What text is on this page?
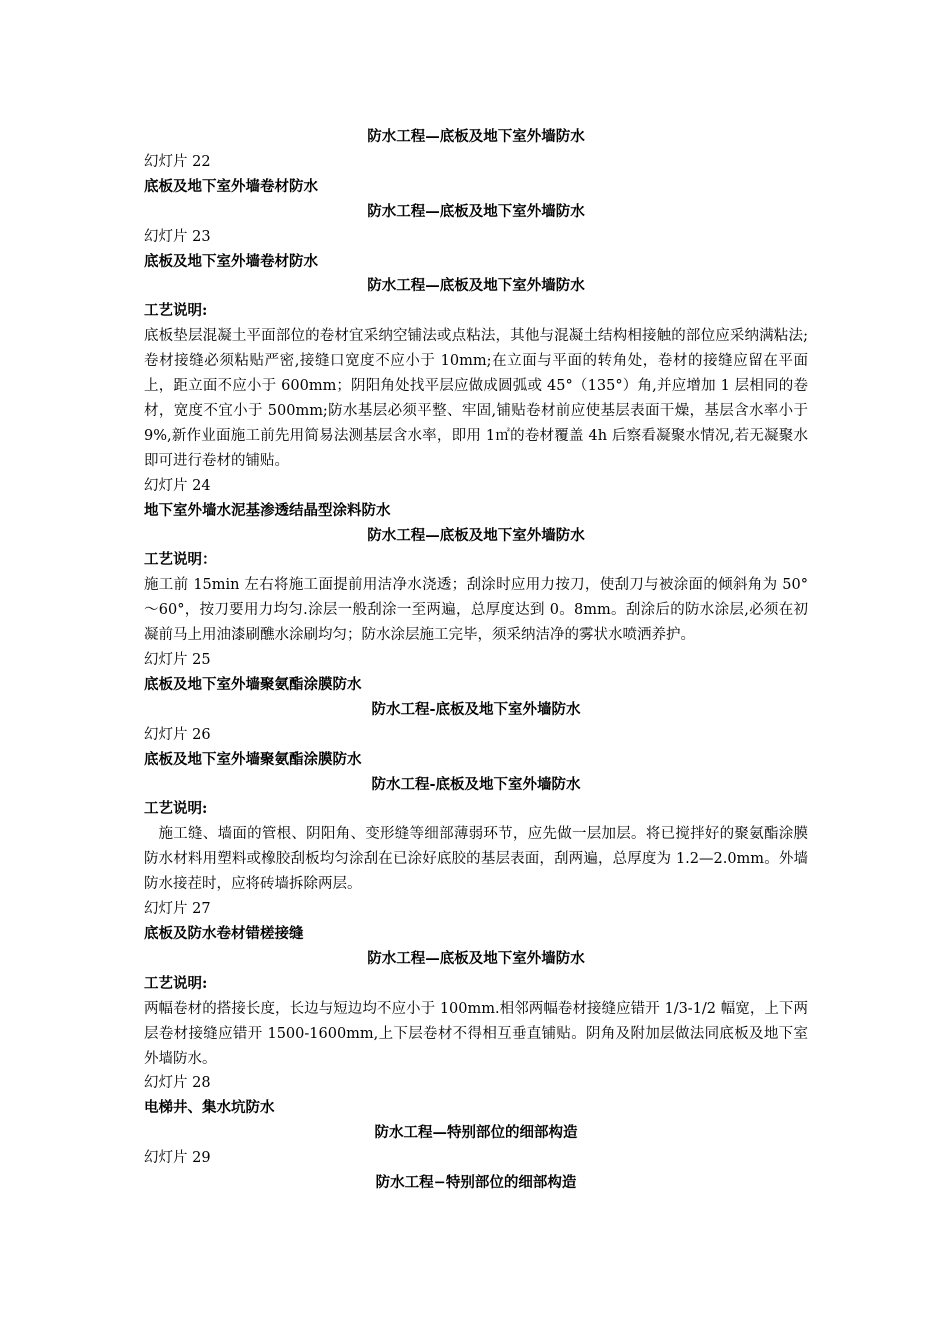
防水工程—底板及地下室外墙防水
幻灯片 22
底板及地下室外墙卷材防水
防水工程—底板及地下室外墙防水
幻灯片 23
底板及地下室外墙卷材防水
防水工程—底板及地下室外墙防水
工艺说明:
底板垫层混凝土平面部位的卷材宜采纳空铺法或点粘法，其他与混凝土结构相接触的部位应采纳满粘法;卷材接缝必须粘贴严密,接缝口宽度不应小于 10mm;在立面与平面的转角处，卷材的接缝应留在平面上，距立面不应小于 600mm；阴阳角处找平层应做成圆弧或 45°（135°）角,并应增加 1 层相同的卷材，宽度不宜小于 500mm;防水基层必须平整、牢固,铺贴卷材前应使基层表面干燥，基层含水率小于 9%,新作业面施工前先用简易法测基层含水率，即用 1㎡的卷材覆盖 4h 后察看凝聚水情况,若无凝聚水即可进行卷材的铺贴。
幻灯片 24
地下室外墙水泥基渗透结晶型涂料防水
防水工程—底板及地下室外墙防水
工艺说明：
施工前 15min 左右将施工面提前用洁净水浇透；刮涂时应用力按刀，使刮刀与被涂面的倾斜角为 50°～60°，按刀要用力均匀.涂层一般刮涂一至两遍，总厚度达到 0。8mm。刮涂后的防水涂层,必须在初凝前马上用油漆刷醮水涂刷均匀；防水涂层施工完毕，须采纳洁净的雾状水喷洒养护。
幻灯片 25
底板及地下室外墙聚氨酯涂膜防水
防水工程-底板及地下室外墙防水
幻灯片 26
底板及地下室外墙聚氨酯涂膜防水
防水工程-底板及地下室外墙防水
工艺说明:
施工缝、墙面的管根、阴阳角、变形缝等细部薄弱环节，应先做一层加层。将已搅拌好的聚氨酯涂膜防水材料用塑料或橡胶刮板均匀涂刮在已涂好底胶的基层表面，刮两遍，总厚度为 1.2—2.0mm。外墙防水接茬时，应将砖墙拆除两层。
幻灯片 27
底板及防水卷材错槎接缝
防水工程—底板及地下室外墙防水
工艺说明:
两幅卷材的搭接长度，长边与短边均不应小于 100mm.相邻两幅卷材接缝应错开 1/3-1/2 幅宽，上下两层卷材接缝应错开 1500-1600mm,上下层卷材不得相互垂直铺贴。阴角及附加层做法同底板及地下室外墙防水。
幻灯片 28
电梯井、集水坑防水
防水工程—特别部位的细部构造
幻灯片 29
防水工程−特别部位的细部构造
